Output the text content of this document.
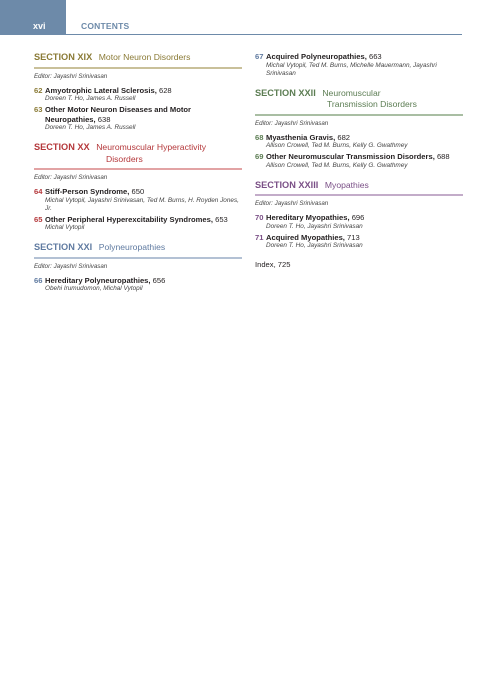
xvi	CONTENTS
SECTION XIX Motor Neuron Disorders
Editor: Jayashri Srinivasan
62 Amyotrophic Lateral Sclerosis, 628
Doreen T. Ho, James A. Russell
63 Other Motor Neuron Diseases and Motor Neuropathies, 638
Doreen T. Ho, James A. Russell
SECTION XX Neuromuscular Hyperactivity
Disorders
Editor: Jayashri Srinivasan
64 Stiff-Person Syndrome, 650
Michal Vytopil, Jayashri Srinivasan, Ted M. Burns, H. Royden Jones, Jr.
65 Other Peripheral Hyperexcitability Syndromes, 653
Michal Vytopil
SECTION XXI Polyneuropathies
Editor: Jayashri Srinivasan
66 Hereditary Polyneuropathies, 656
Obehi Irumudomon, Michal Vytopil
67 Acquired Polyneuropathies, 663
Michal Vytopil, Ted M. Burns, Michelle Mauermann, Jayashri Srinivasan
SECTION XXII Neuromuscular
Transmission Disorders
Editor: Jayashri Srinivasan
68 Myasthenia Gravis, 682
Allison Crowell, Ted M. Burns, Kelly G. Gwathmey
69 Other Neuromuscular Transmission Disorders, 688
Allison Crowell, Ted M. Burns, Kelly G. Gwathmey
SECTION XXIII Myopathies
Editor: Jayashri Srinivasan
70 Hereditary Myopathies, 696
Doreen T. Ho, Jayashri Srinivasan
71 Acquired Myopathies, 713
Doreen T. Ho, Jayashri Srinivasan
Index, 725
